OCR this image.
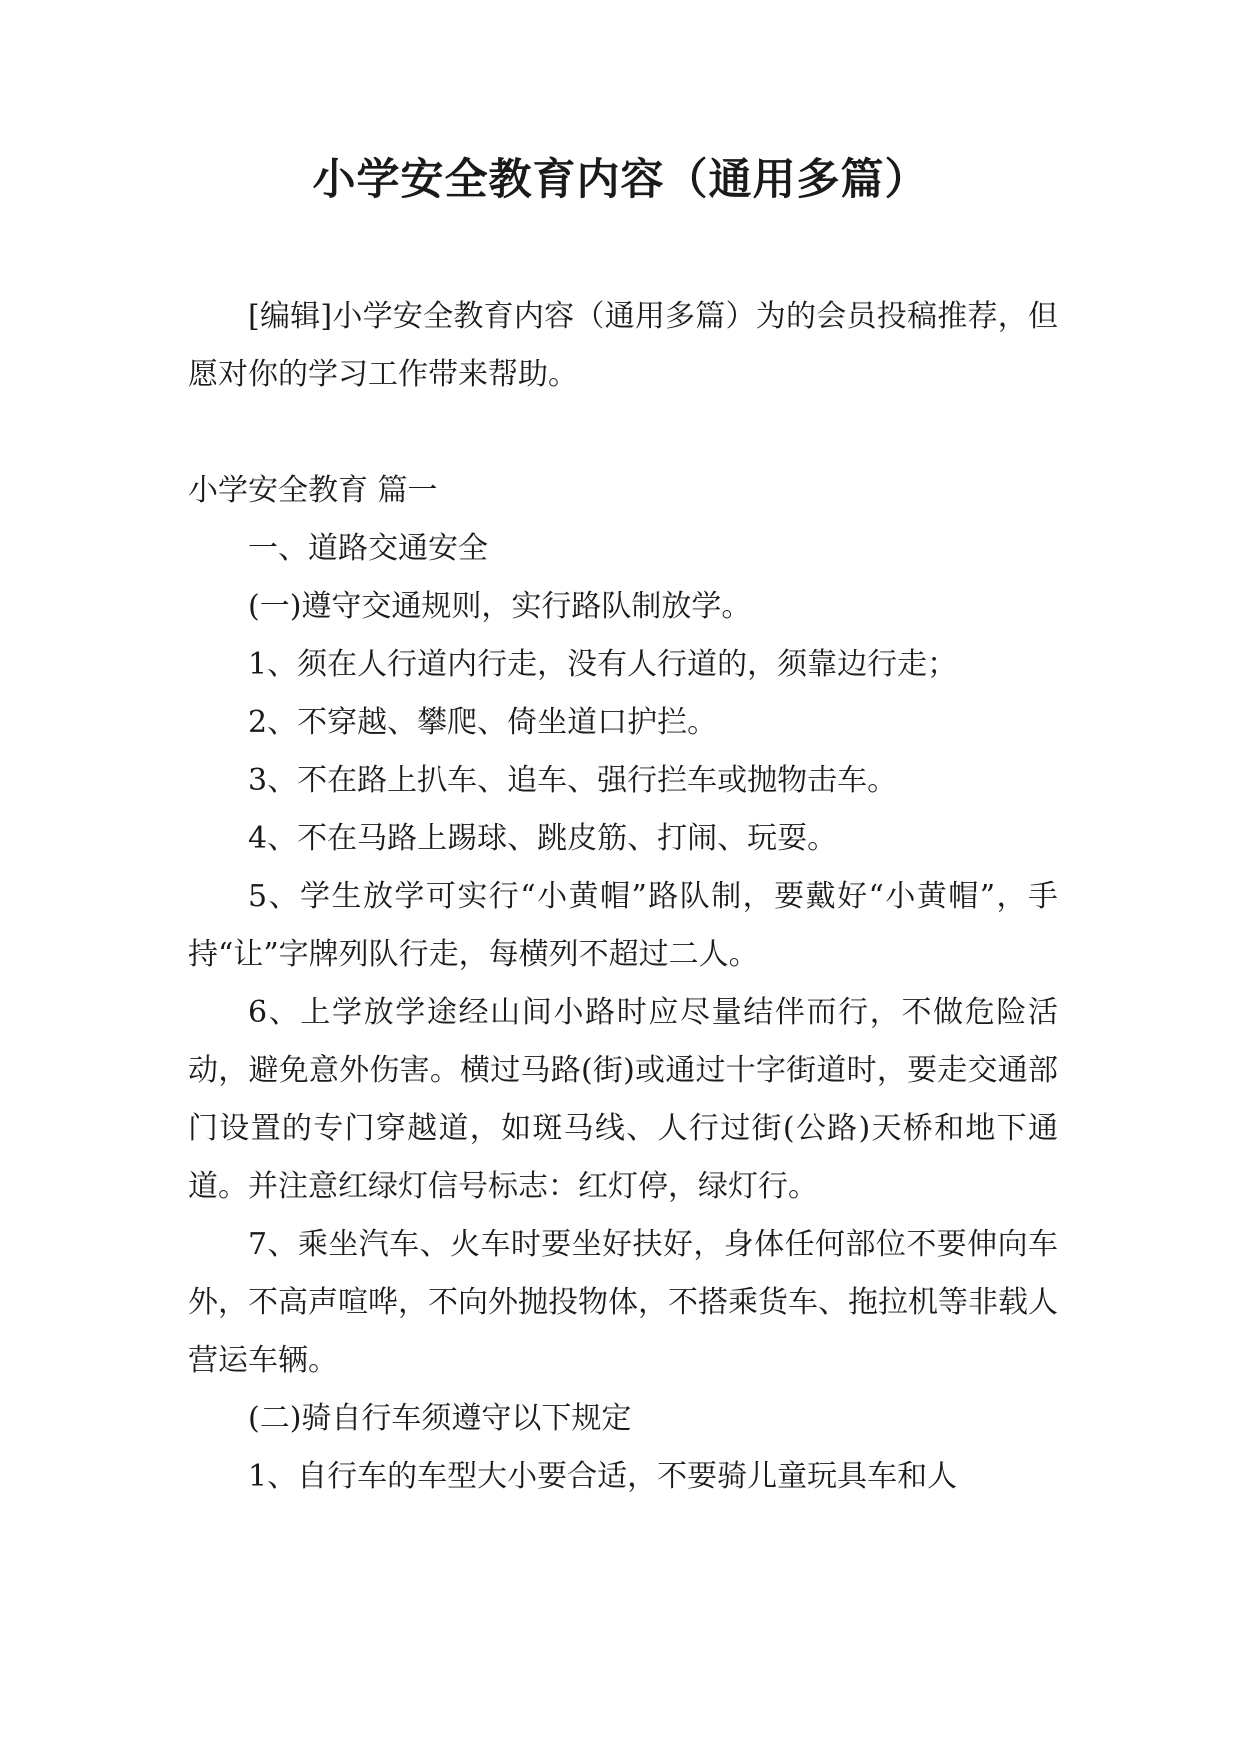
小学安全教育内容（通用多篇）

[编辑]小学安全教育内容（通用多篇）为的会员投稿推荐，但愿对你的学习工作带来帮助。

小学安全教育 篇一

一、道路交通安全

(一)遵守交通规则，实行路队制放学。

1、须在人行道内行走，没有人行道的，须靠边行走；

2、不穿越、攀爬、倚坐道口护拦。

3、不在路上扒车、追车、强行拦车或抛物击车。

4、不在马路上踢球、跳皮筋、打闹、玩耍。

5、学生放学可实行“小黄帽”路队制，要戴好“小黄帽”，手持“让”字牌列队行走，每横列不超过二人。

6、上学放学途经山间小路时应尽量结伴而行，不做危险活动，避免意外伤害。横过马路(街)或通过十字街道时，要走交通部门设置的专门穿越道，如斑马线、人行过街(公路)天桥和地下通道。并注意红绿灯信号标志：红灯停，绿灯行。

7、乘坐汽车、火车时要坐好扶好，身体任何部位不要伸向车外，不高声喧哗，不向外抛投物体，不搭乘货车、拖拉机等非载人营运车辆。

(二)骑自行车须遵守以下规定

1、自行车的车型大小要合适，不要骑儿童玩具车和人
